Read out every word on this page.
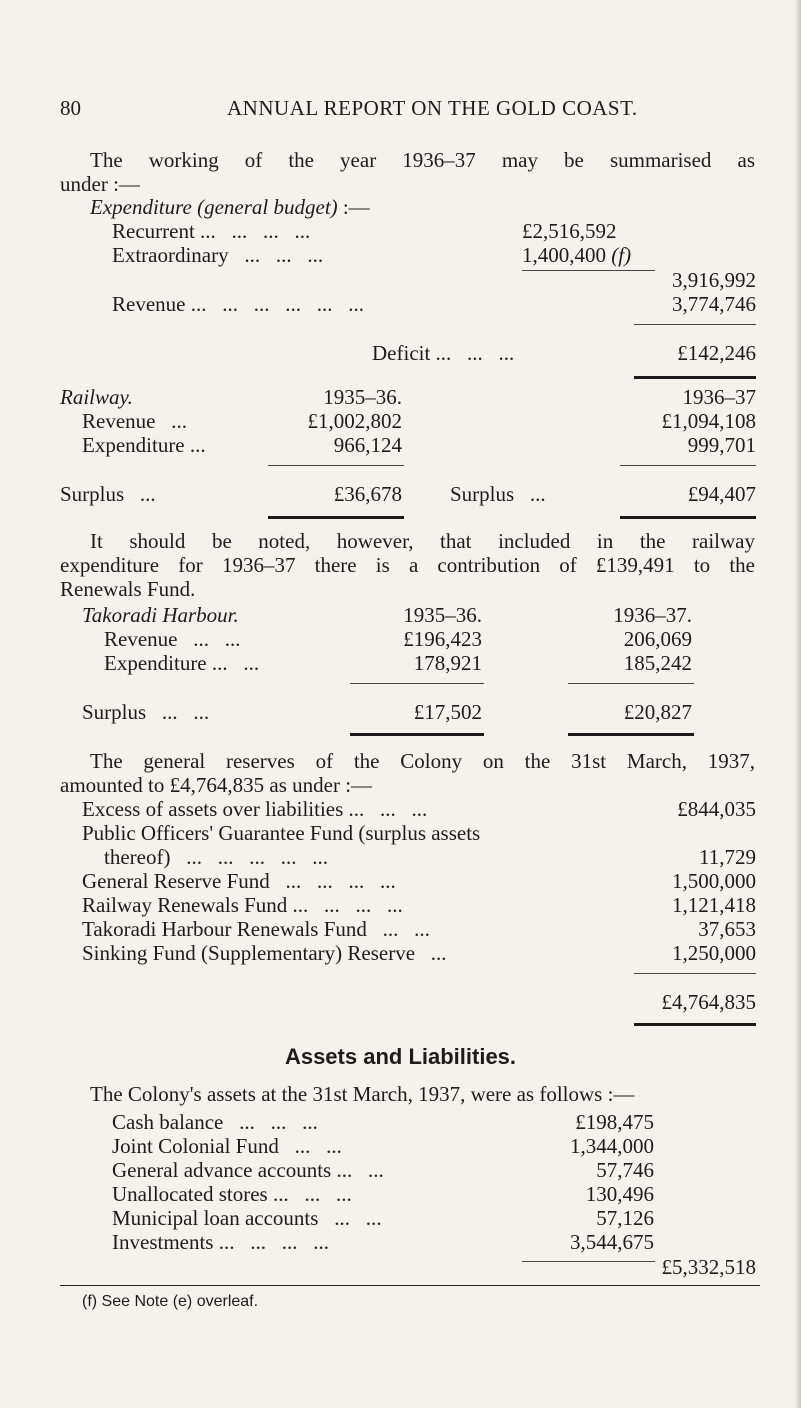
80	ANNUAL REPORT ON THE GOLD COAST.
The working of the year 1936–37 may be summarised as
under :—
Expenditure (general budget) :—
Recurrent ...   ...   ...   ...	£2,516,592
Extraordinary   ...   ...   ...	1,400,400 (f)
3,916,992
Revenue ...   ...   ...   ...   ...   ...	3,774,746
Deficit ...   ...   ...	£142,246
Railway.	1935–36.	1936–37
Revenue   ...	£1,002,802	£1,094,108
Expenditure ...	966,124	999,701
Surplus   ...	£36,678 Surplus   ...	£94,407
It should be noted, however, that included in the railway
expenditure for 1936–37 there is a contribution of £139,491 to the
Renewals Fund.
Takoradi Harbour.	1935–36.	1936–37.
Revenue   ...   ...	£196,423	206,069
Expenditure ...   ...	178,921	185,242
Surplus   ...   ...	£17,502	£20,827
The general reserves of the Colony on the 31st March, 1937,
amounted to £4,764,835 as under :—
Excess of assets over liabilities ...   ...   ...	£844,035
Public Officers' Guarantee Fund (surplus assets
thereof)   ...   ...   ...   ...   ...	11,729
General Reserve Fund   ...   ...   ...   ...	1,500,000
Railway Renewals Fund ...   ...   ...   ...	1,121,418
Takoradi Harbour Renewals Fund   ...   ...	37,653
Sinking Fund (Supplementary) Reserve   ...	1,250,000
£4,764,835
Assets and Liabilities.
The Colony's assets at the 31st March, 1937, were as follows :—
Cash balance   ...   ...   ...	£198,475
Joint Colonial Fund   ...   ...	1,344,000
General advance accounts ...   ...	57,746
Unallocated stores ...   ...   ...	130,496
Municipal loan accounts   ...   ...	57,126
Investments ...   ...   ...   ...	3,544,675
£5,332,518
(f) See Note (e) overleaf.
